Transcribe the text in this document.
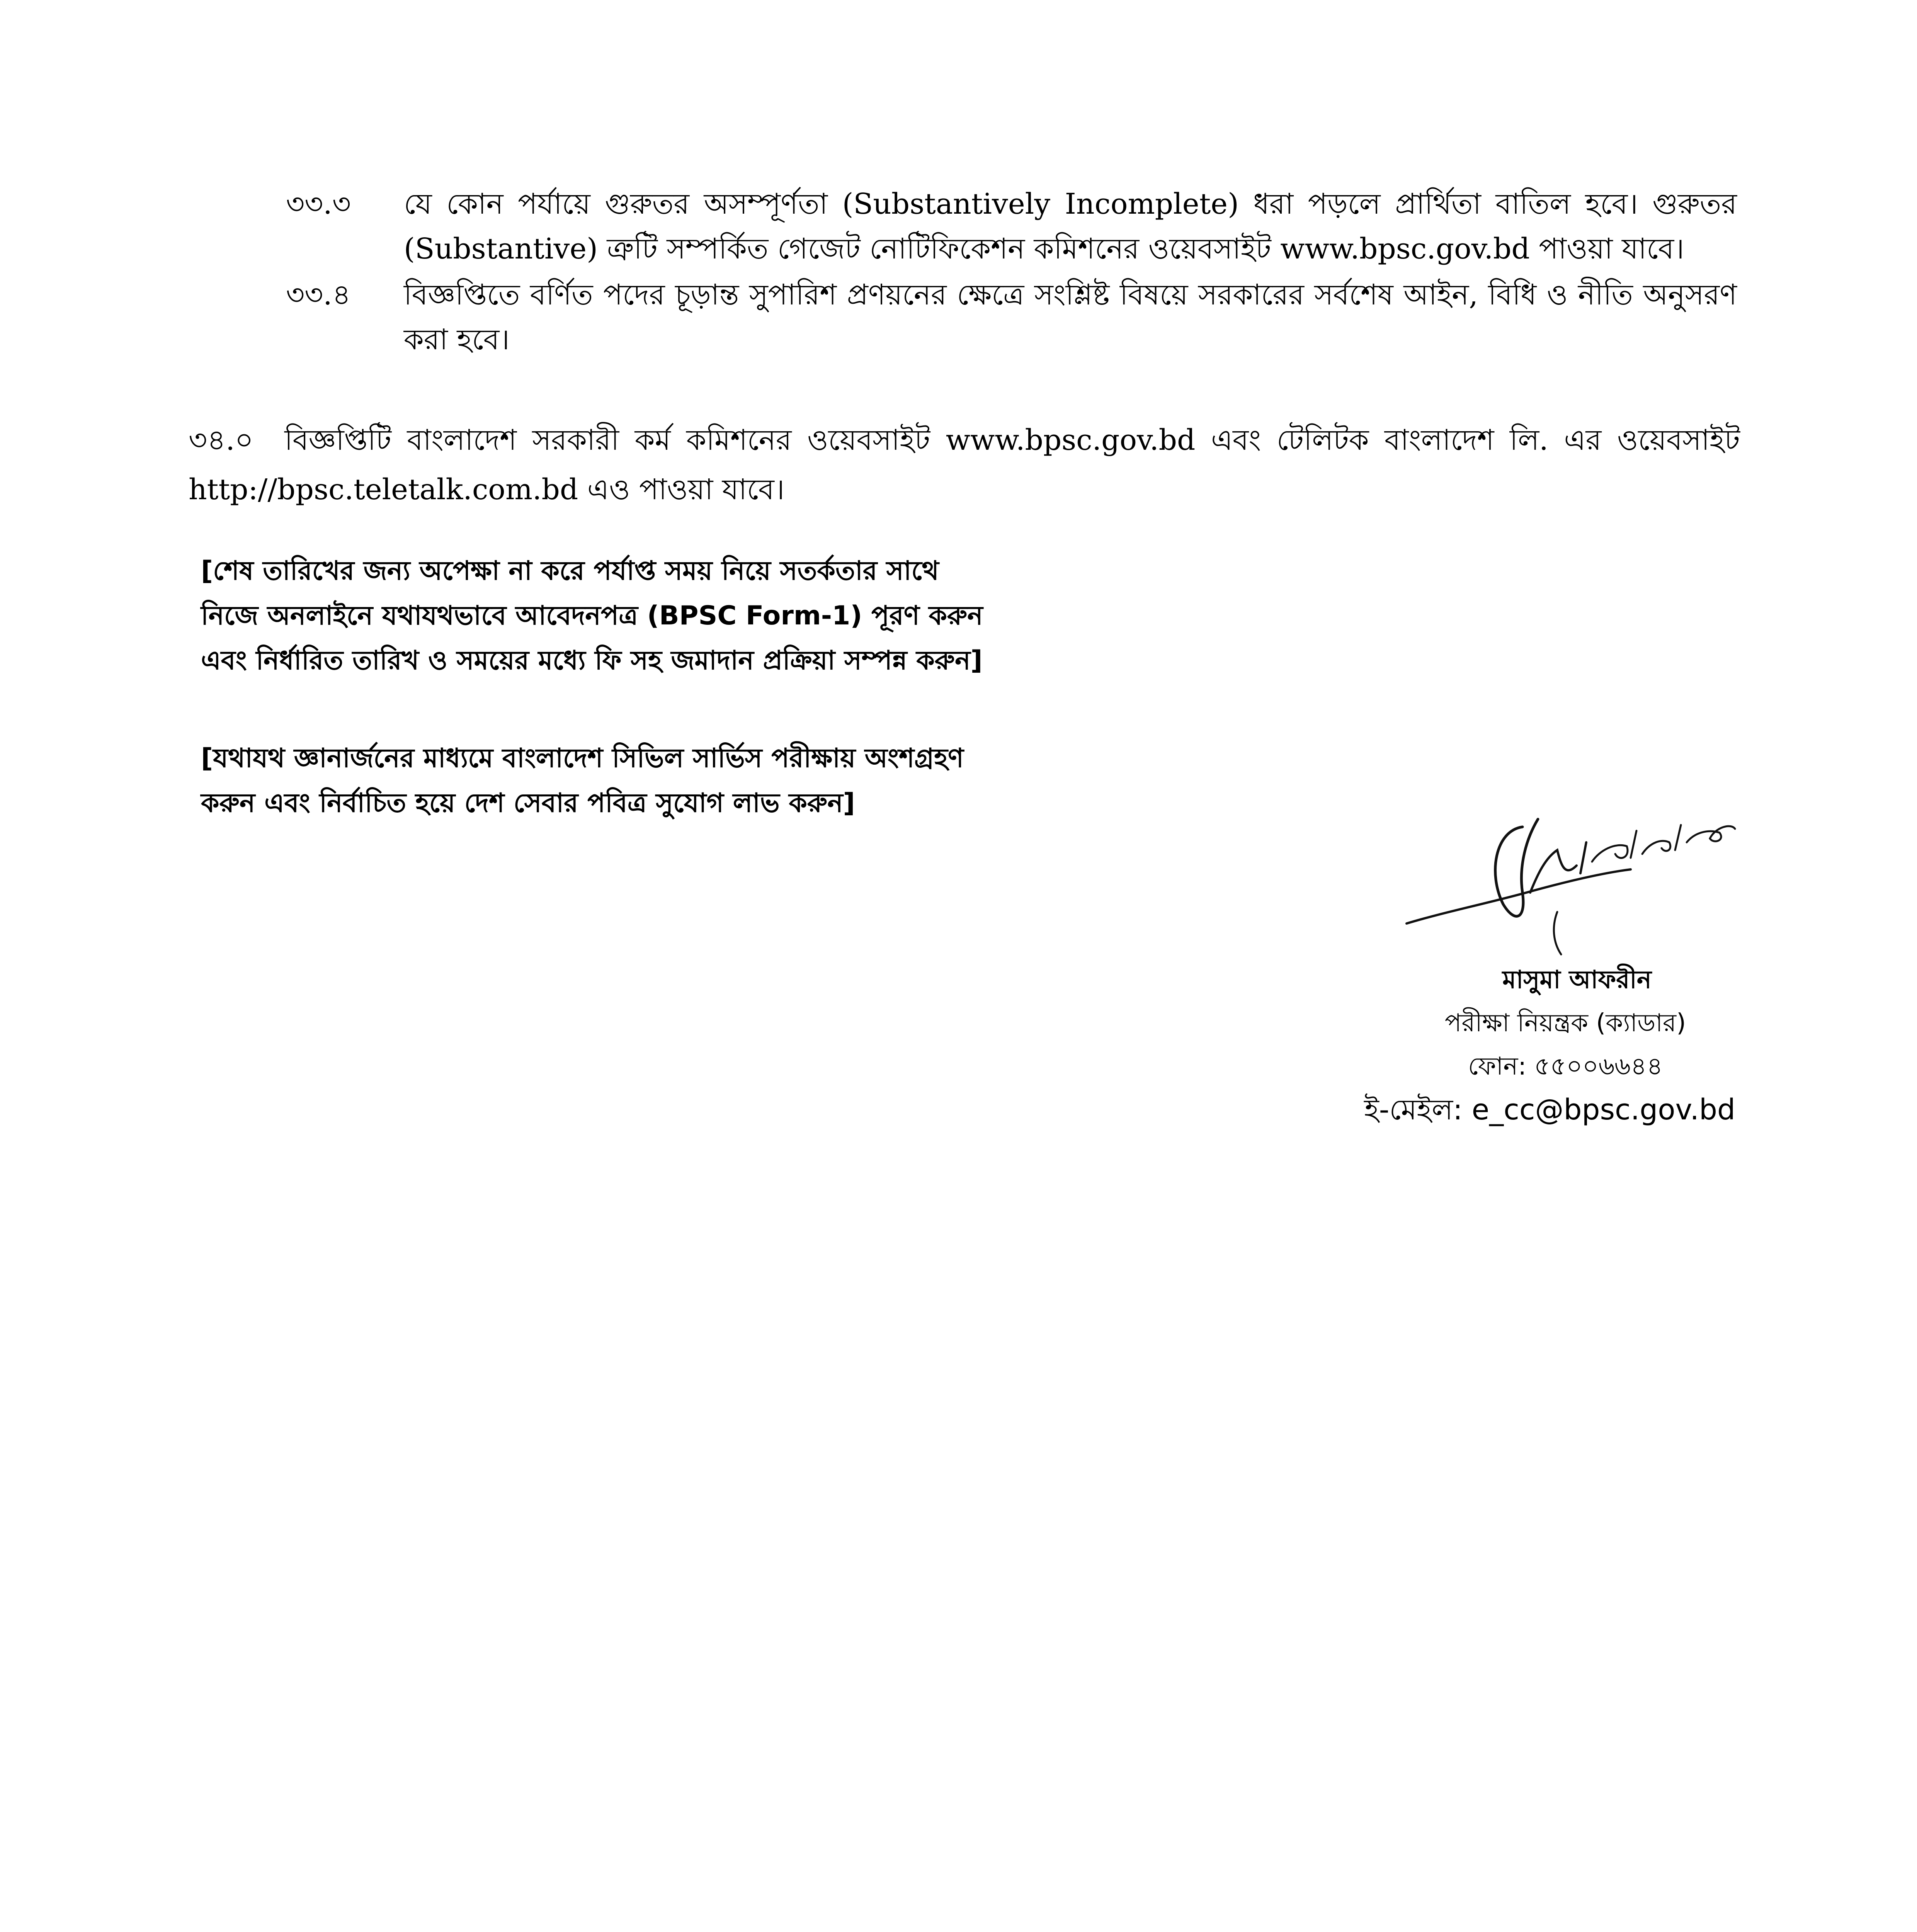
৩৩.৩ যে কোন পর্যায়ে গুরুতর অসম্পূর্ণতা (Substantively Incomplete) ধরা পড়লে প্রার্থিতা বাতিল হবে। গুরুতর (Substantive) ত্রুটি সম্পর্কিত গেজেট নোটিফিকেশন কমিশনের ওয়েবসাইট www.bpsc.gov.bd পাওয়া যাবে।
৩৩.৪ বিজ্ঞপ্তিতে বর্ণিত পদের চূড়ান্ত সুপারিশ প্রণয়নের ক্ষেত্রে সংশ্লিষ্ট বিষয়ে সরকারের সর্বশেষ আইন, বিধি ও নীতি অনুসরণ করা হবে।
৩৪.০ বিজ্ঞপ্তিটি বাংলাদেশ সরকারী কর্ম কমিশনের ওয়েবসাইট www.bpsc.gov.bd এবং টেলিটক বাংলাদেশ লি. এর ওয়েবসাইট http://bpsc.teletalk.com.bd এও পাওয়া যাবে।
[শেষ তারিখের জন্য অপেক্ষা না করে পর্যাপ্ত সময় নিয়ে সতর্কতার সাথে
নিজে অনলাইনে যথাযথভাবে আবেদনপত্র (BPSC Form-1) পূরণ করুন
এবং নির্ধারিত তারিখ ও সময়ের মধ্যে ফি সহ জমাদান প্রক্রিয়া সম্পন্ন করুন]
[যথাযথ জ্ঞানার্জনের মাধ্যমে বাংলাদেশ সিভিল সার্ভিস পরীক্ষায় অংশগ্রহণ
করুন এবং নির্বাচিত হয়ে দেশ সেবার পবিত্র সুযোগ লাভ করুন]
মাসুমা আফরীন
পরীক্ষা নিয়ন্ত্রক (ক্যাডার)
ফোন: ৫৫০০৬৬৪৪
ই-মেইল: e_cc@bpsc.gov.bd
